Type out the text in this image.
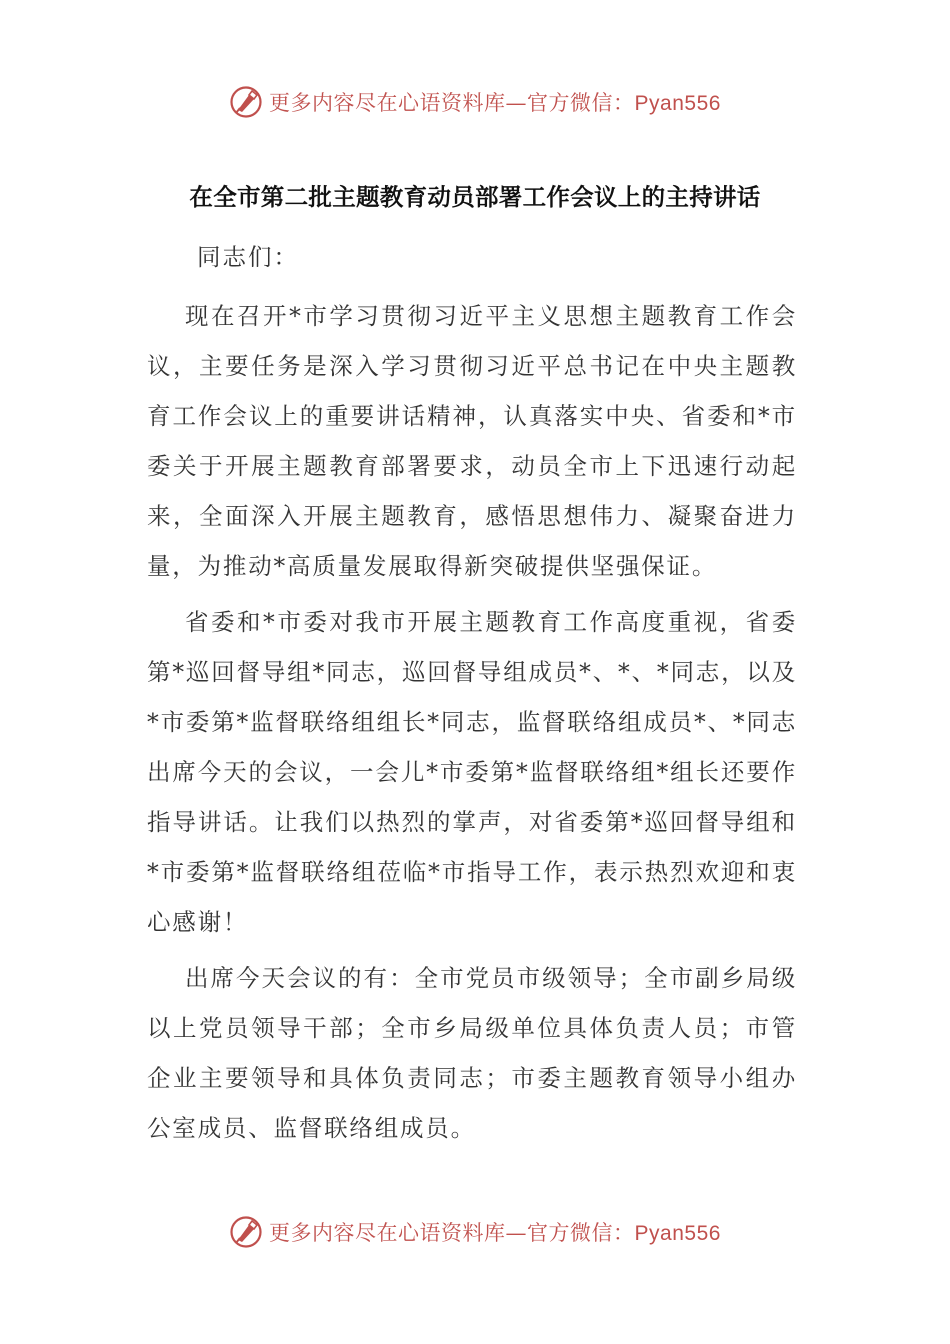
更多内容尽在心语资料库—官方微信：Pyan556
在全市第二批主题教育动员部署工作会议上的主持讲话

同志们：

现在召开*市学习贯彻习近平主义思想主题教育工作会议，主要任务是深入学习贯彻习近平总书记在中央主题教育工作会议上的重要讲话精神，认真落实中央、省委和*市委关于开展主题教育部署要求，动员全市上下迅速行动起来，全面深入开展主题教育，感悟思想伟力、凝聚奋进力量，为推动*高质量发展取得新突破提供坚强保证。

省委和*市委对我市开展主题教育工作高度重视，省委第*巡回督导组*同志，巡回督导组成员*、*、*同志，以及*市委第*监督联络组组长*同志，监督联络组成员*、*同志出席今天的会议，一会儿*市委第*监督联络组*组长还要作指导讲话。让我们以热烈的掌声，对省委第*巡回督导组和*市委第*监督联络组莅临*市指导工作，表示热烈欢迎和衷心感谢！

出席今天会议的有：全市党员市级领导；全市副乡局级以上党员领导干部；全市乡局级单位具体负责人员；市管企业主要领导和具体负责同志；市委主题教育领导小组办公室成员、监督联络组成员。

更多内容尽在心语资料库—官方微信：Pyan556
